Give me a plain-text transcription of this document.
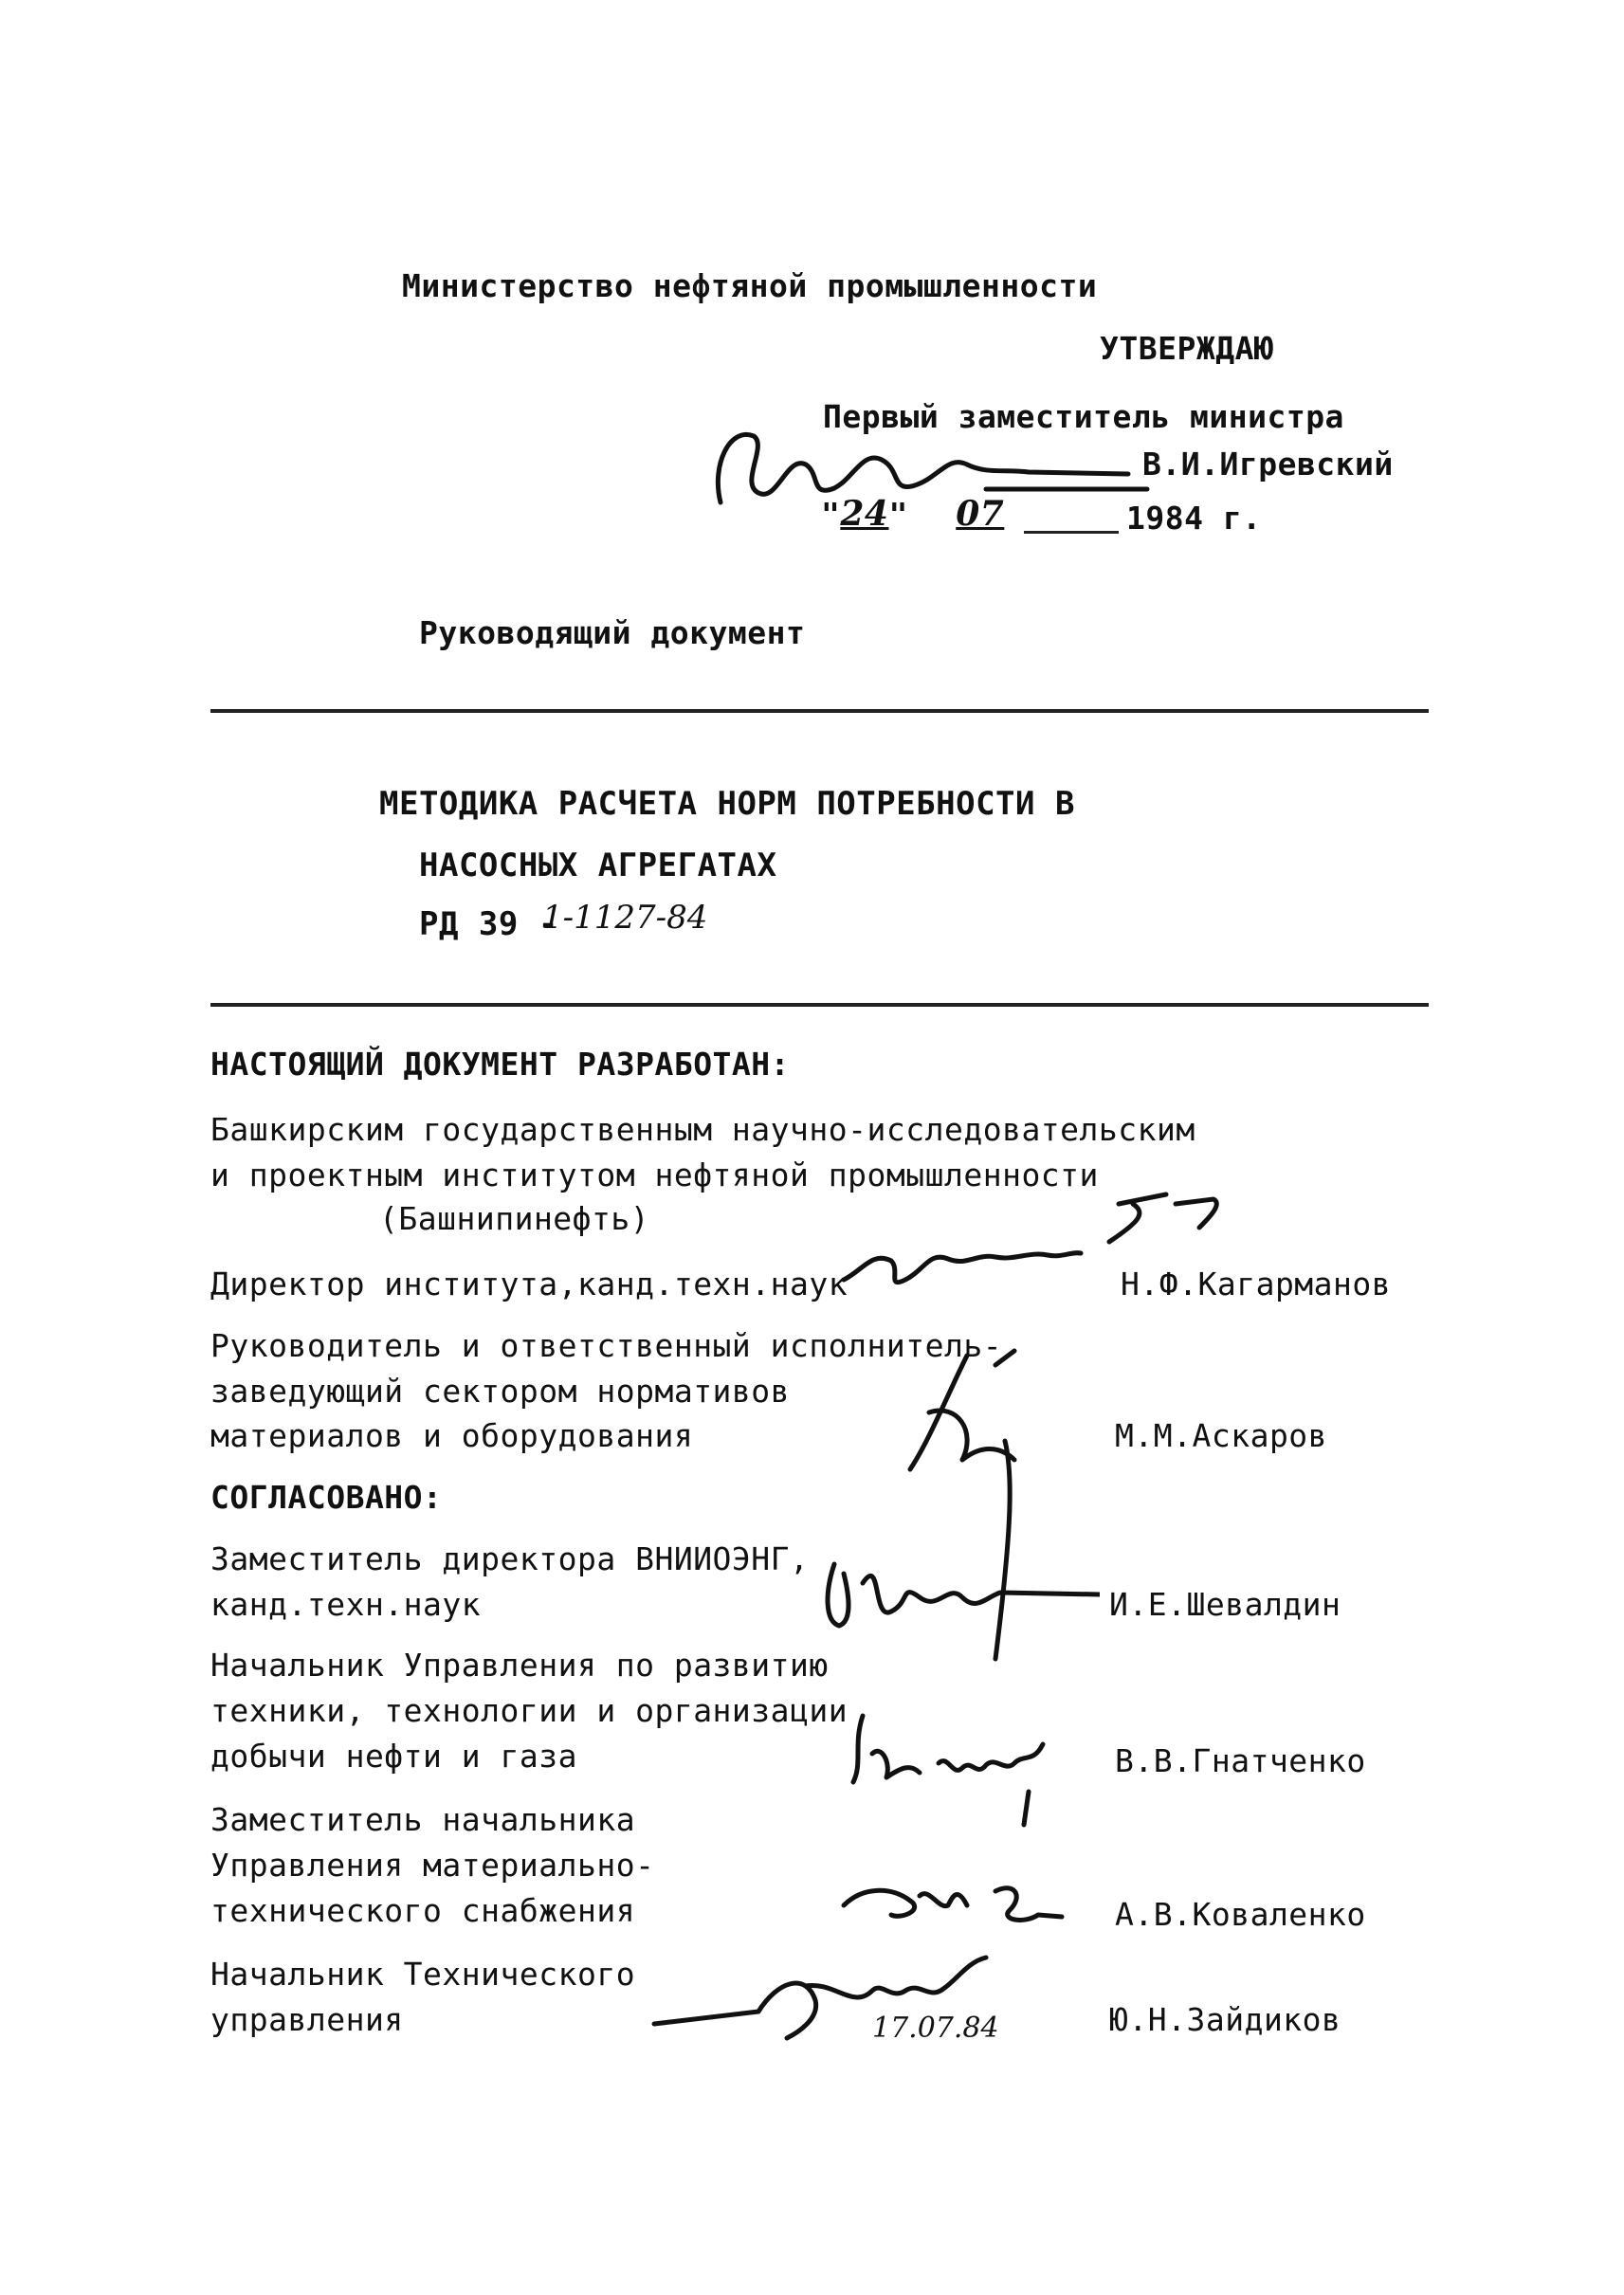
Министерство нефтяной промышленности
УТВЕРЖДАЮ
Первый заместитель министра
В.И.Игревский
"24" 07	1984 г.
Руководящий документ
МЕТОДИКА РАСЧЕТА НОРМ ПОТРЕБНОСТИ В
НАСОСНЫХ АГРЕГАТАХ
РД 39 -
1-1127-84
НАСТОЯЩИЙ ДОКУМЕНТ РАЗРАБОТАН:
Башкирским государственным научно-исследовательским
и проектным институтом нефтяной промышленности
(Башнипинефть)
Директор института,канд.техн.наук	Н.Ф.Кагарманов
Руководитель и ответственный исполнитель-
заведующий сектором нормативов
материалов и оборудования	М.М.Аскаров
СОГЛАСОВАНО:
Заместитель директора ВНИИОЭНГ,
канд.техн.наук	И.Е.Шевалдин
Начальник Управления по развитию
техники, технологии и организации
добычи нефти и газа	В.В.Гнатченко
Заместитель начальника
Управления материально-
технического снабжения	А.В.Коваленко
Начальник Технического
управления	17.07.84	Ю.Н.Зайдиков
